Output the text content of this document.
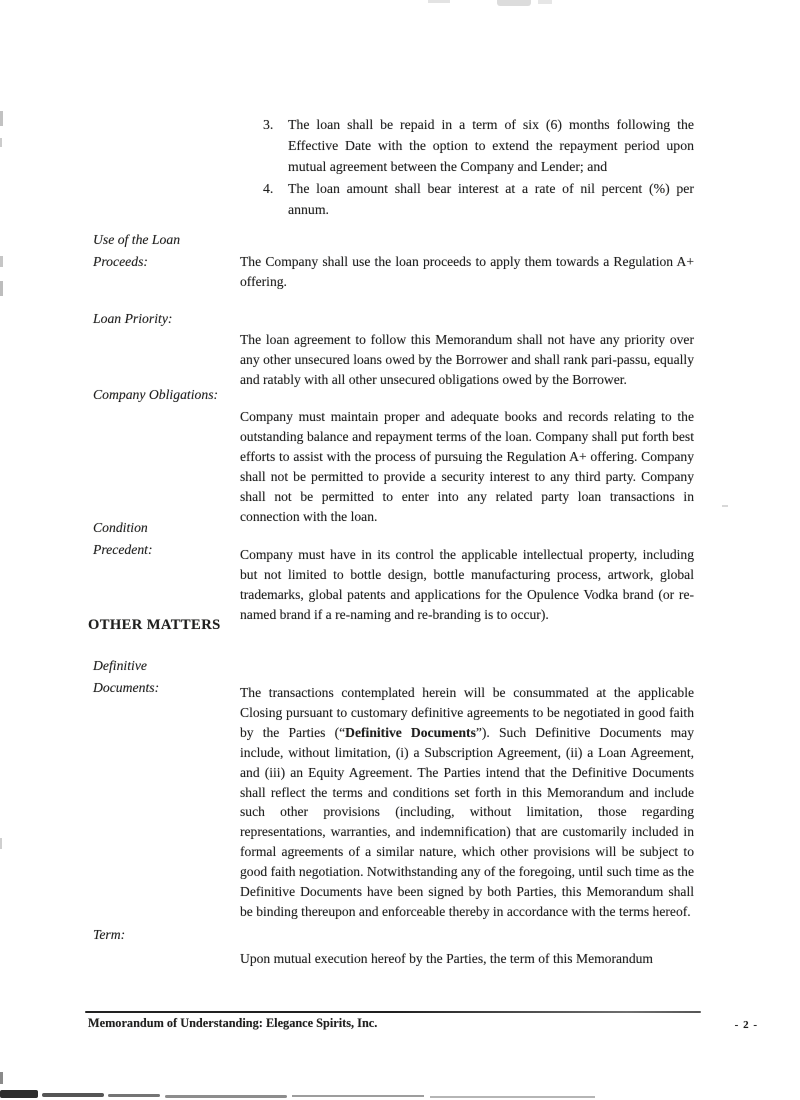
3. The loan shall be repaid in a term of six (6) months following the Effective Date with the option to extend the repayment period upon mutual agreement between the Company and Lender; and
4. The loan amount shall bear interest at a rate of nil percent (%) per annum.
Use of the Loan
Proceeds:	The Company shall use the loan proceeds to apply them towards a Regulation A+ offering.
Loan Priority:
The loan agreement to follow this Memorandum shall not have any priority over any other unsecured loans owed by the Borrower and shall rank pari-passu, equally and ratably with all other unsecured obligations owed by the Borrower.
Company Obligations:
Company must maintain proper and adequate books and records relating to the outstanding balance and repayment terms of the loan. Company shall put forth best efforts to assist with the process of pursuing the Regulation A+ offering. Company shall not be permitted to provide a security interest to any third party. Company shall not be permitted to enter into any related party loan transactions in connection with the loan.
Condition
Precedent:	Company must have in its control the applicable intellectual property, including but not limited to bottle design, bottle manufacturing process, artwork, global trademarks, global patents and applications for the Opulence Vodka brand (or re-named brand if a re-naming and re-branding is to occur).
OTHER MATTERS
Definitive
Documents:	The transactions contemplated herein will be consummated at the applicable Closing pursuant to customary definitive agreements to be negotiated in good faith by the Parties (“Definitive Documents”). Such Definitive Documents may include, without limitation, (i) a Subscription Agreement, (ii) a Loan Agreement, and (iii) an Equity Agreement. The Parties intend that the Definitive Documents shall reflect the terms and conditions set forth in this Memorandum and include such other provisions (including, without limitation, those regarding representations, warranties, and indemnification) that are customarily included in formal agreements of a similar nature, which other provisions will be subject to good faith negotiation. Notwithstanding any of the foregoing, until such time as the Definitive Documents have been signed by both Parties, this Memorandum shall be binding thereupon and enforceable thereby in accordance with the terms hereof.
Term:
Upon mutual execution hereof by the Parties, the term of this Memorandum
Memorandum of Understanding: Elegance Spirits, Inc.	- 2 -
